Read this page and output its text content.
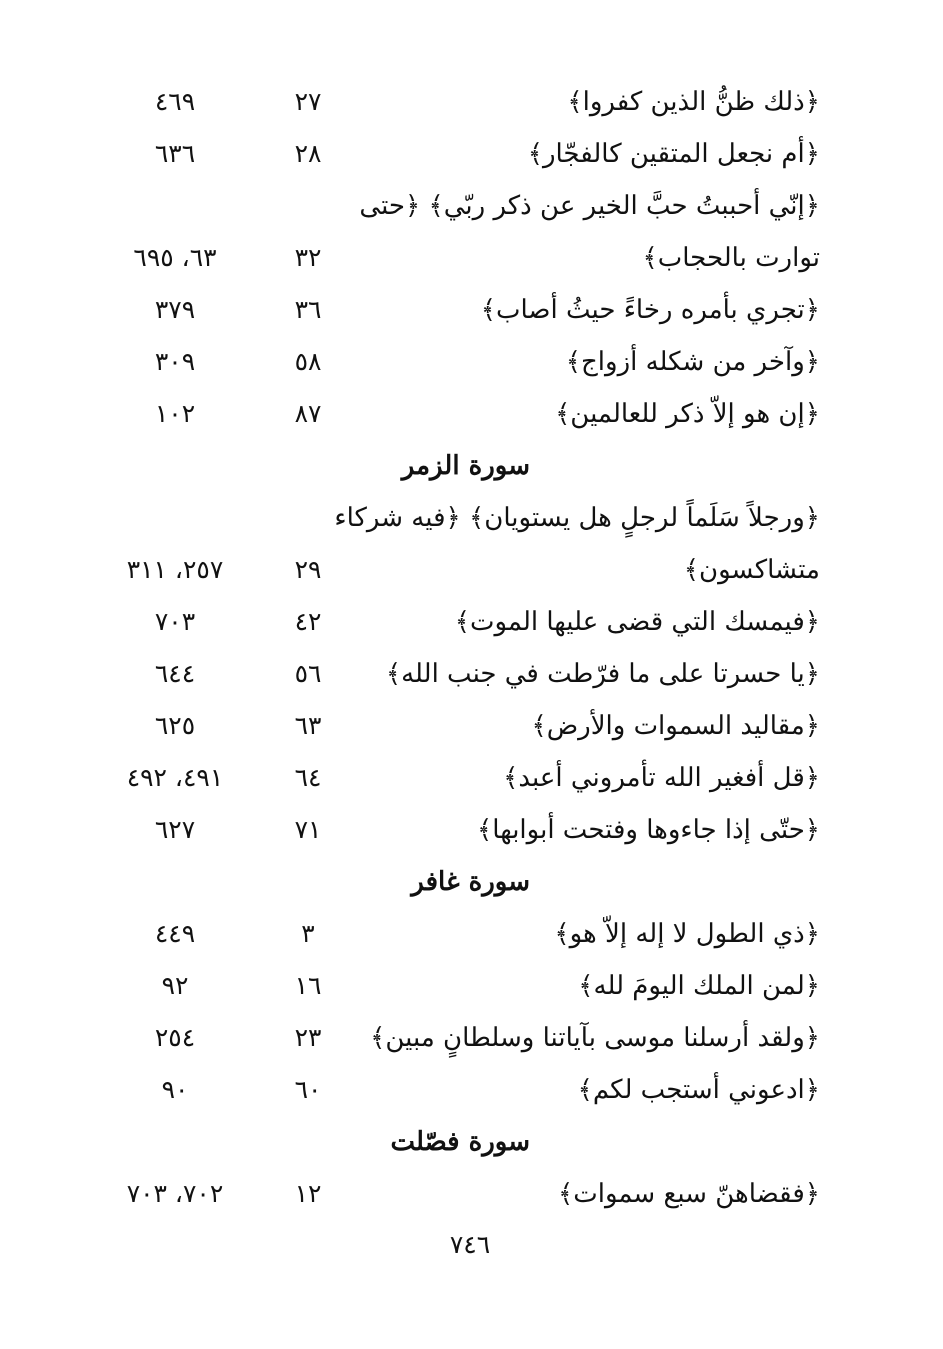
﴿ذلك ظنُّ الذين كفروا﴾
٢٧
٤٦٩
﴿أم نجعل المتقين كالفجّار﴾
٢٨
٦٣٦
﴿إنّي أحببتُ حبَّ الخير عن ذكر ربّي﴾ ﴿حتى
توارت بالحجاب﴾
٣٢
٦٣، ٦٩٥
﴿تجري بأمره رخاءً حيثُ أصاب﴾
٣٦
٣٧٩
﴿وآخر من شكله أزواج﴾
٥٨
٣٠٩
﴿إن هو إلاّ ذكر للعالمين﴾
٨٧
١٠٢
سورة الزمر
﴿ورجلاً سَلَماً لرجلٍ هل يستويان﴾ ﴿فيه شركاء
متشاكسون﴾
٢٩
٢٥٧، ٣١١
﴿فيمسك التي قضى عليها الموت﴾
٤٢
٧٠٣
﴿يا حسرتا على ما فرّطت في جنب الله﴾
٥٦
٦٤٤
﴿مقاليد السموات والأرض﴾
٦٣
٦٢٥
﴿قل أفغير الله تأمروني أعبد﴾
٦٤
٤٩١، ٤٩٢
﴿حتّى إذا جاءوها وفتحت أبوابها﴾
٧١
٦٢٧
سورة غافر
﴿ذي الطول لا إله إلاّ هو﴾
٣
٤٤٩
﴿لمن الملك اليومَ لله﴾
١٦
٩٢
﴿ولقد أرسلنا موسى بآياتنا وسلطانٍ مبين﴾
٢٣
٢٥٤
﴿ادعوني أستجب لكم﴾
٦٠
٩٠
سورة فصّلت
﴿فقضاهنّ سبع سموات﴾
١٢
٧٠٢، ٧٠٣
٧٤٦
